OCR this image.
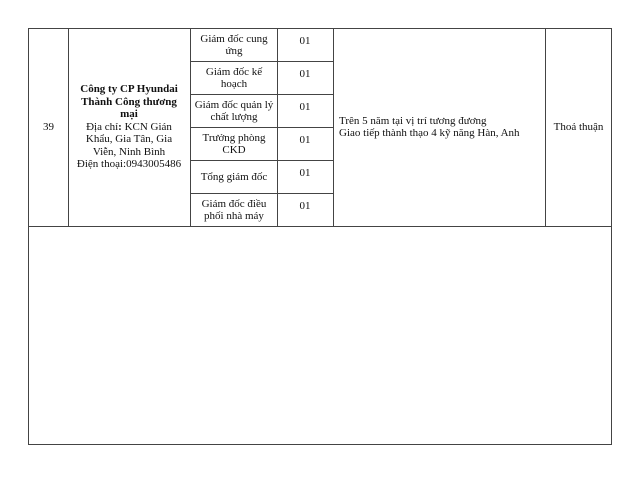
39
Công ty CP Hyundai Thành Công thương mại
Địa chỉ: KCN Gián Khẩu, Gia Tân, Gia Viễn, Ninh Bình
Điện thoại:0943005486
Giám đốc cung ứng
01
Giám đốc kế hoạch
01
Giám đốc quản lý chất lượng
01
Trưởng phòng CKD
01
Tổng giám đốc	01
Giám đốc điều phối nhà máy
01
Trên 5 năm tại vị trí tương đương
Giao tiếp thành thạo 4 kỹ năng Hàn, Anh
Thoả thuận
